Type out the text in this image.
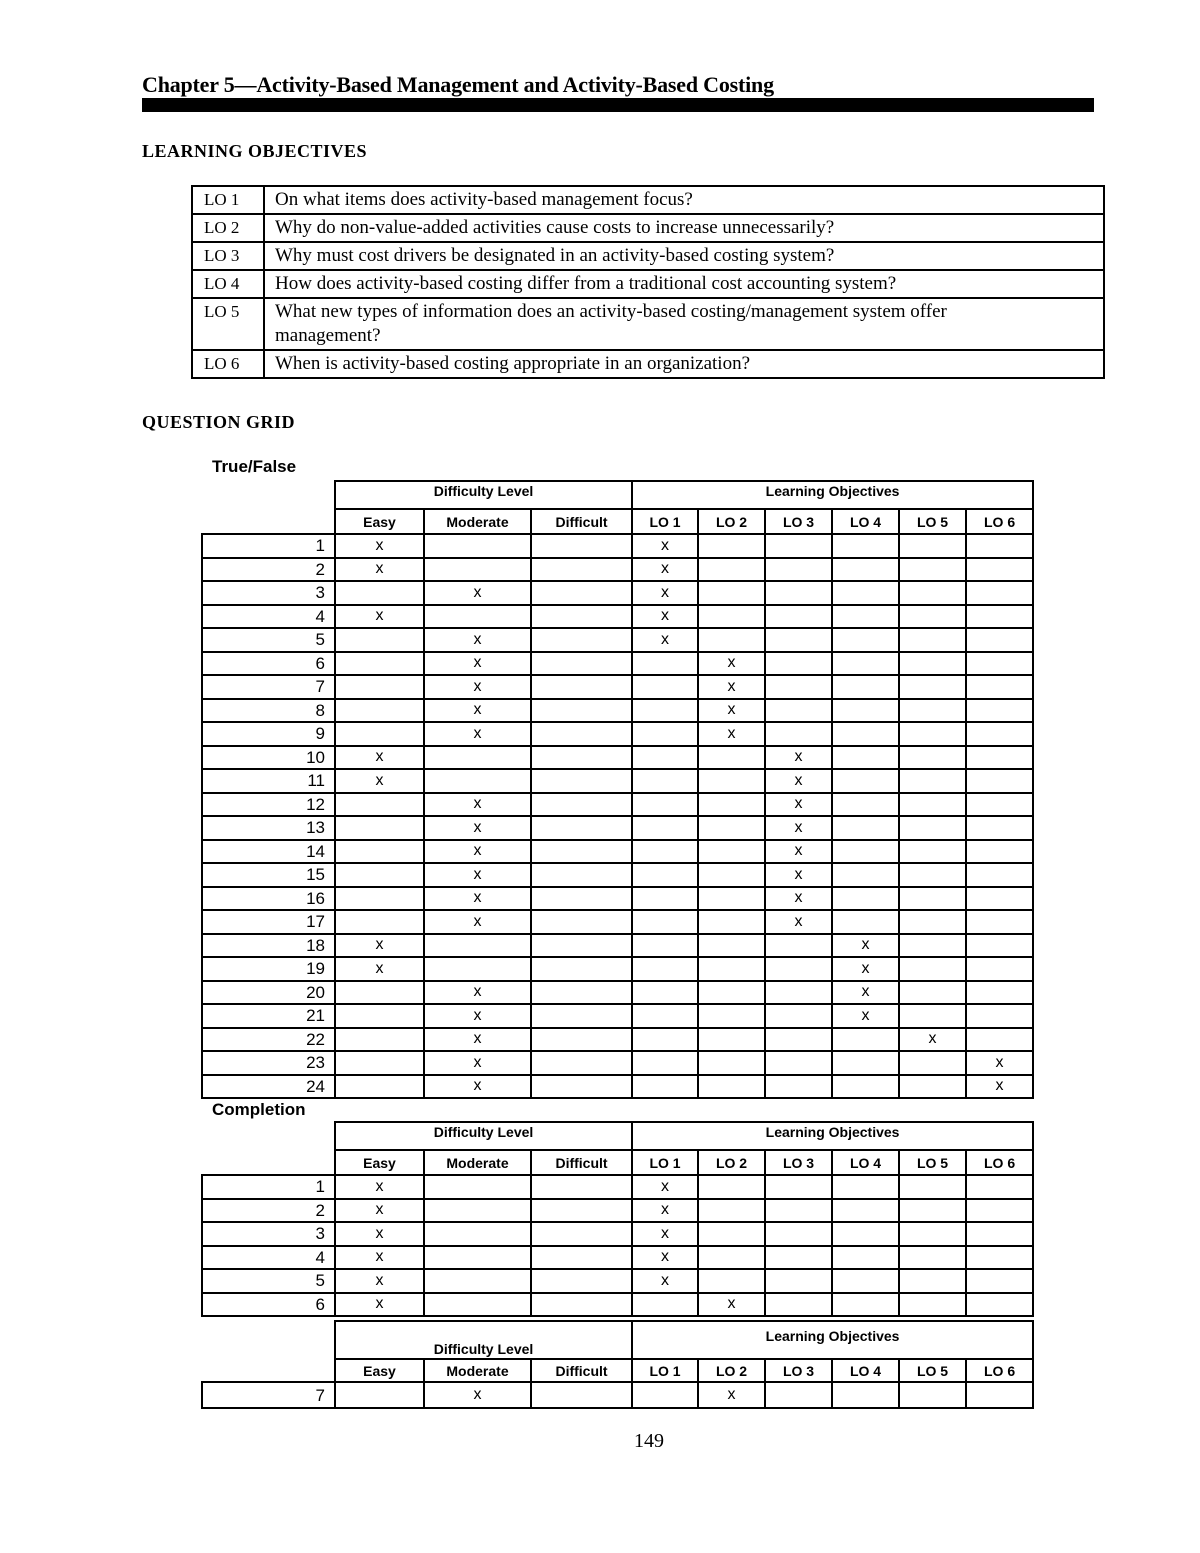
Chapter 5—Activity-Based Management and Activity-Based Costing
LEARNING OBJECTIVES
LO 1	On what items does activity-based management focus?
LO 2	Why do non-value-added activities cause costs to increase unnecessarily?
LO 3	Why must cost drivers be designated in an activity-based costing system?
LO 4	How does activity-based costing differ from a traditional cost accounting system?
LO 5	What new types of information does an activity-based costing/management system offer management?
LO 6	When is activity-based costing appropriate in an organization?
QUESTION GRID
True/False
	Difficulty Level			Learning Objectives					
	Easy	Moderate	Difficult	LO 1	LO 2	LO 3	LO 4	LO 5	LO 6
1	x			x					
2	x			x					
3		x		x					
4	x			x					
5		x		x					
6		x			x				
7		x			x				
8		x			x				
9		x			x				
10	x					x			
11	x					x			
12		x				x			
13		x				x			
14		x				x			
15		x				x			
16		x				x			
17		x				x			
18	x						x		
19	x						x		
20		x					x		
21		x					x		
22		x						x	
23		x							x
24		x							x
Completion
	Difficulty Level			Learning Objectives					
	Easy	Moderate	Difficult	LO 1	LO 2	LO 3	LO 4	LO 5	LO 6
1	x			x					
2	x			x					
3	x			x					
4	x			x					
5	x			x					
6	x				x				
	Difficulty Level			Learning Objectives					
	Easy	Moderate	Difficult	LO 1	LO 2	LO 3	LO 4	LO 5	LO 6
7		x			x				
149
